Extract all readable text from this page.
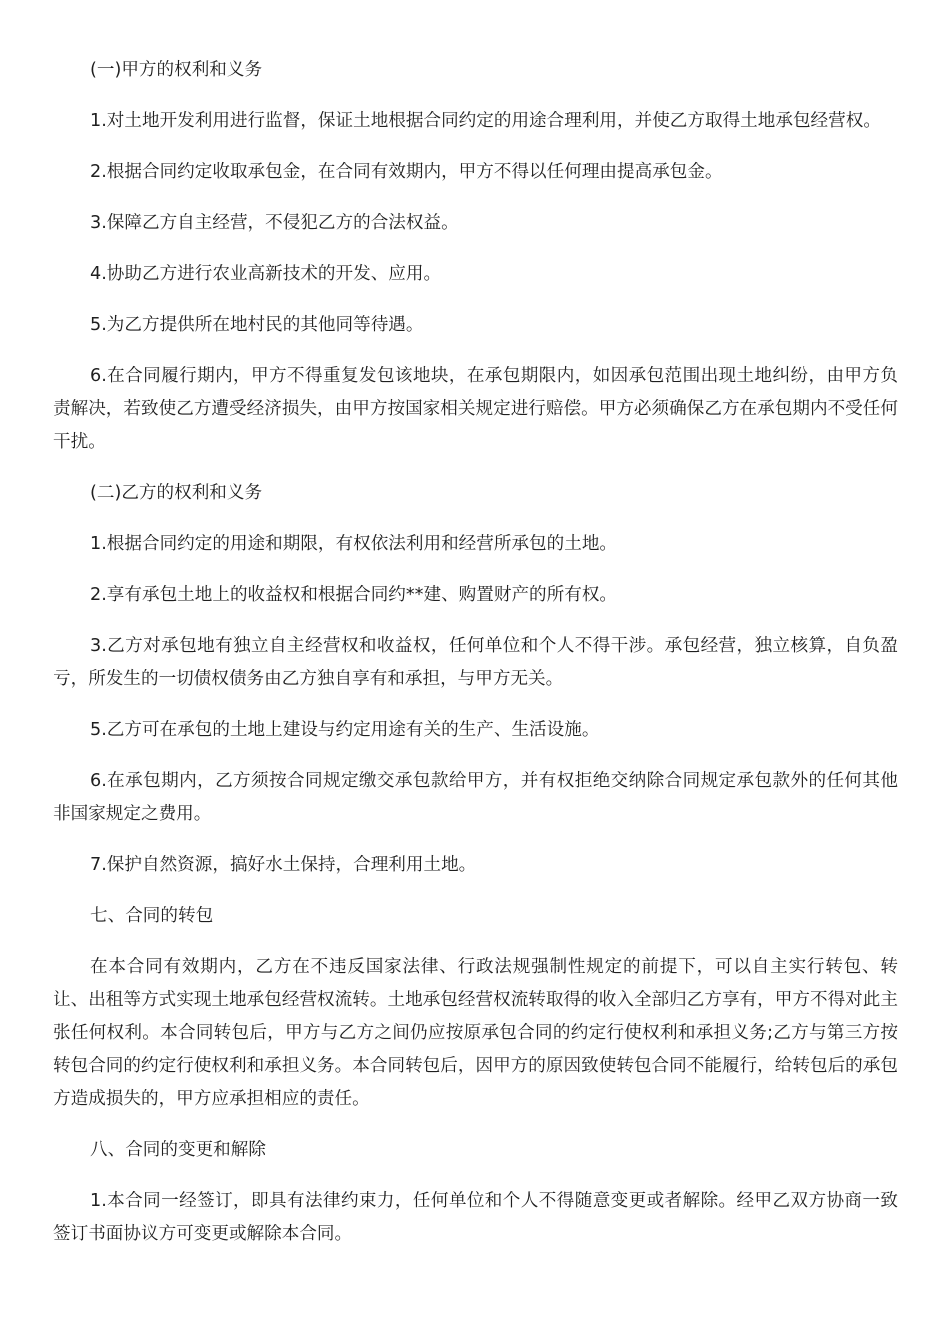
(一)甲方的权利和义务

1.对土地开发利用进行监督，保证土地根据合同约定的用途合理利用，并使乙方取得土地承包经营权。

2.根据合同约定收取承包金，在合同有效期内，甲方不得以任何理由提高承包金。

3.保障乙方自主经营，不侵犯乙方的合法权益。

4.协助乙方进行农业高新技术的开发、应用。

5.为乙方提供所在地村民的其他同等待遇。

6.在合同履行期内，甲方不得重复发包该地块，在承包期限内，如因承包范围出现土地纠纷，由甲方负责解决，若致使乙方遭受经济损失，由甲方按国家相关规定进行赔偿。甲方必须确保乙方在承包期内不受任何干扰。

(二)乙方的权利和义务

1.根据合同约定的用途和期限，有权依法利用和经营所承包的土地。

2.享有承包土地上的收益权和根据合同约**建、购置财产的所有权。

3.乙方对承包地有独立自主经营权和收益权，任何单位和个人不得干涉。承包经营，独立核算，自负盈亏，所发生的一切债权债务由乙方独自享有和承担，与甲方无关。

5.乙方可在承包的土地上建设与约定用途有关的生产、生活设施。

6.在承包期内，乙方须按合同规定缴交承包款给甲方，并有权拒绝交纳除合同规定承包款外的任何其他非国家规定之费用。

7.保护自然资源，搞好水土保持，合理利用土地。

七、合同的转包

在本合同有效期内，乙方在不违反国家法律、行政法规强制性规定的前提下，可以自主实行转包、转让、出租等方式实现土地承包经营权流转。土地承包经营权流转取得的收入全部归乙方享有，甲方不得对此主张任何权利。本合同转包后，甲方与乙方之间仍应按原承包合同的约定行使权利和承担义务;乙方与第三方按转包合同的约定行使权利和承担义务。本合同转包后，因甲方的原因致使转包合同不能履行，给转包后的承包方造成损失的，甲方应承担相应的责任。

八、合同的变更和解除

1.本合同一经签订，即具有法律约束力，任何单位和个人不得随意变更或者解除。经甲乙双方协商一致签订书面协议方可变更或解除本合同。
